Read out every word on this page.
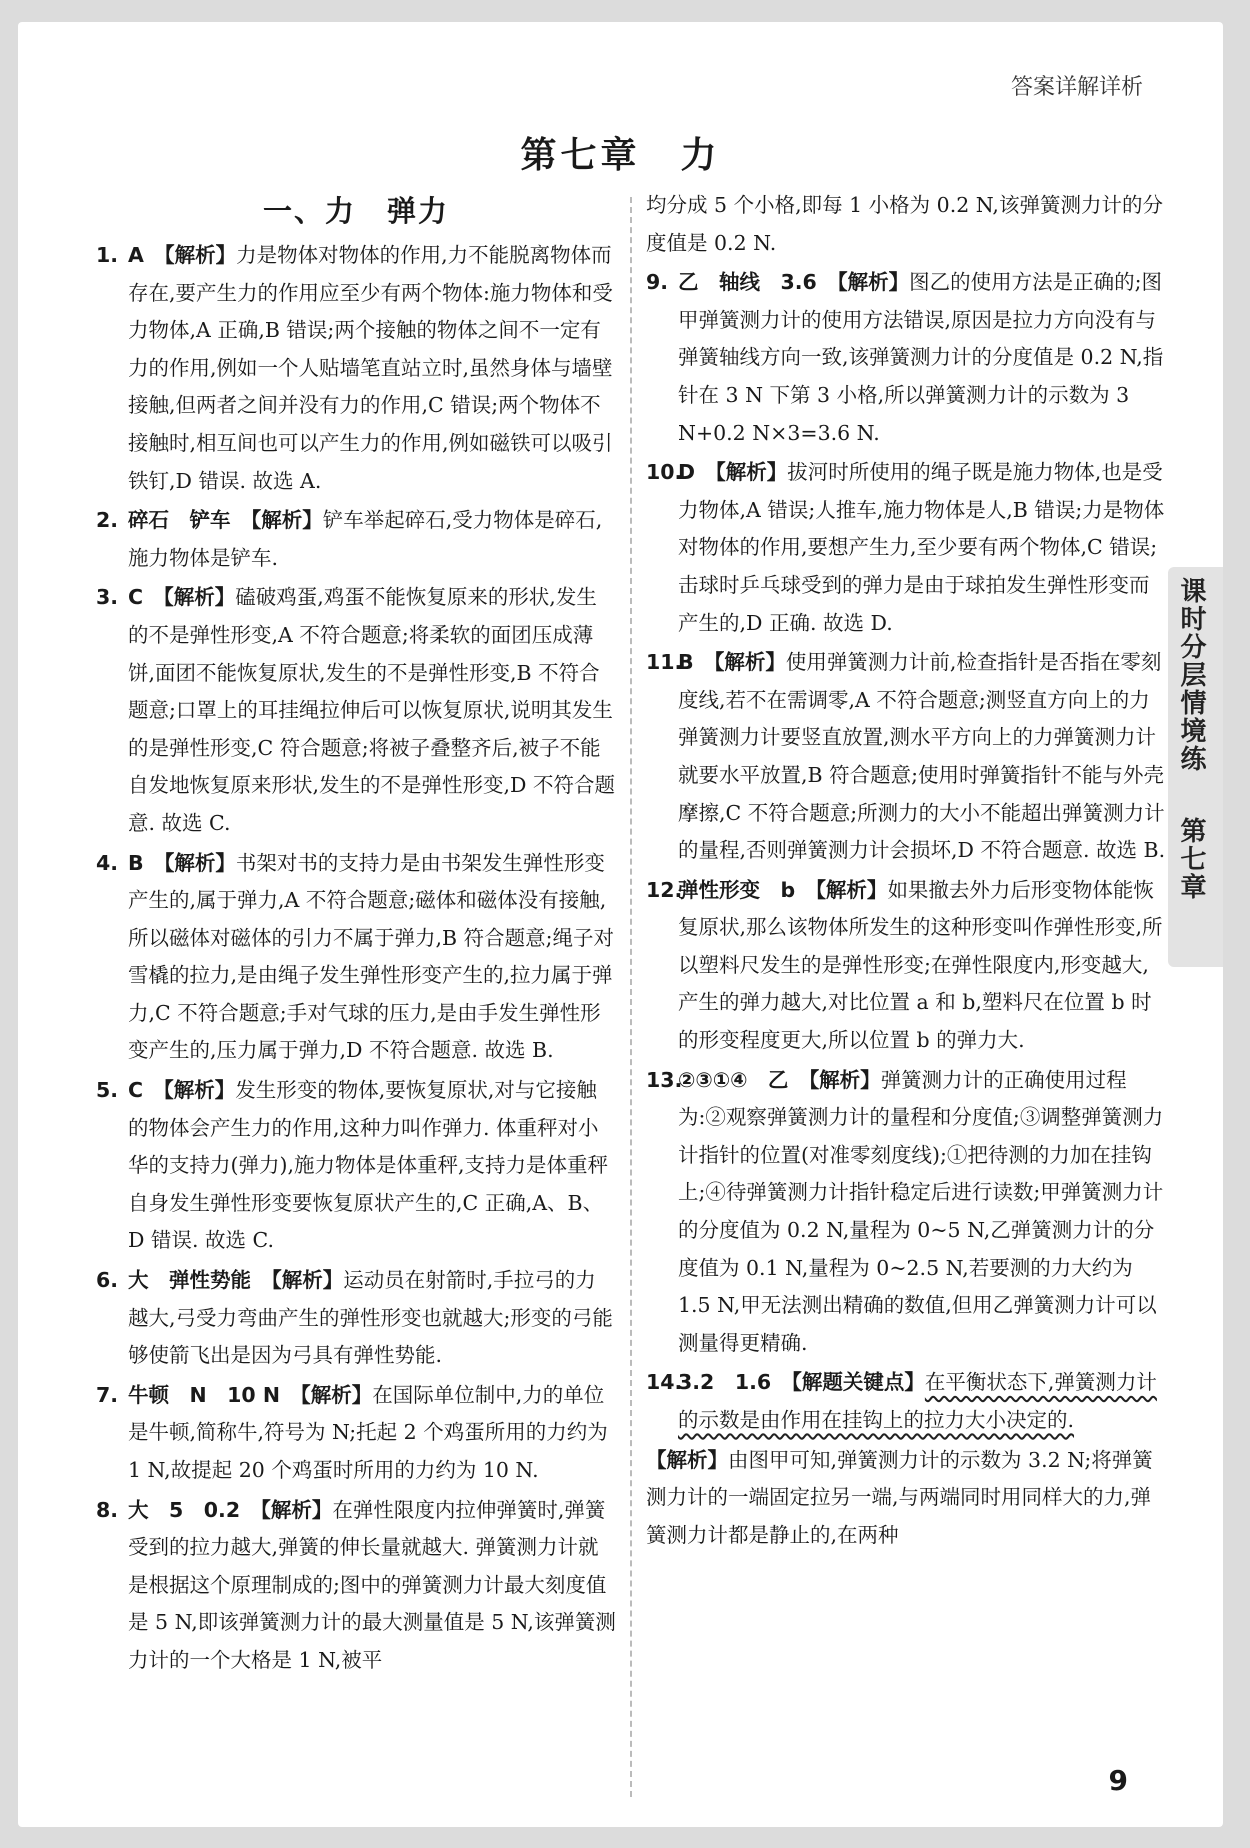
答案详解详析
第七章　力
一、力　弹力
1. A　 【解析】力是物体对物体的作用,力不能脱离物体而存在,要产生力的作用应至少有两个物体:施力物体和受力物体,A 正确,B 错误;两个接触的物体之间不一定有力的作用,例如一个人贴墙笔直站立时,虽然身体与墙壁接触,但两者之间并没有力的作用,C 错误;两个物体不接触时,相互间也可以产生力的作用,例如磁铁可以吸引铁钉,D 错误. 故选 A.
2. 碎石　铲车　 【解析】铲车举起碎石,受力物体是碎石,施力物体是铲车.
3. C　 【解析】磕破鸡蛋,鸡蛋不能恢复原来的形状,发生的不是弹性形变,A 不符合题意;将柔软的面团压成薄饼,面团不能恢复原状,发生的不是弹性形变,B 不符合题意;口罩上的耳挂绳拉伸后可以恢复原状,说明其发生的是弹性形变,C 符合题意;将被子叠整齐后,被子不能自发地恢复原来形状,发生的不是弹性形变,D 不符合题意. 故选 C.
4. B　 【解析】书架对书的支持力是由书架发生弹性形变产生的,属于弹力,A 不符合题意;磁体和磁体没有接触,所以磁体对磁体的引力不属于弹力,B 符合题意;绳子对雪橇的拉力,是由绳子发生弹性形变产生的,拉力属于弹力,C 不符合题意;手对气球的压力,是由手发生弹性形变产生的,压力属于弹力,D 不符合题意. 故选 B.
5. C　 【解析】发生形变的物体,要恢复原状,对与它接触的物体会产生力的作用,这种力叫作弹力. 体重秤对小华的支持力(弹力),施力物体是体重秤,支持力是体重秤自身发生弹性形变要恢复原状产生的,C 正确,A、B、D 错误. 故选 C.
6. 大　弹性势能　 【解析】运动员在射箭时,手拉弓的力越大,弓受力弯曲产生的弹性形变也就越大;形变的弓能够使箭飞出是因为弓具有弹性势能.
7. 牛顿　N　10 N　 【解析】在国际单位制中,力的单位是牛顿,简称牛,符号为 N;托起 2 个鸡蛋所用的力约为 1 N,故提起 20 个鸡蛋时所用的力约为 10 N.
8. 大　5　0.2　 【解析】在弹性限度内拉伸弹簧时,弹簧受到的拉力越大,弹簧的伸长量就越大. 弹簧测力计就是根据这个原理制成的;图中的弹簧测力计最大刻度值是 5 N,即该弹簧测力计的最大测量值是 5 N,该弹簧测力计的一个大格是 1 N,被平
均分成 5 个小格,即每 1 小格为 0.2 N,该弹簧测力计的分度值是 0.2 N.
9. 乙　轴线　3.6　 【解析】图乙的使用方法是正确的;图甲弹簧测力计的使用方法错误,原因是拉力方向没有与弹簧轴线方向一致,该弹簧测力计的分度值是 0.2 N,指针在 3 N 下第 3 小格,所以弹簧测力计的示数为 3 N+0.2 N×3=3.6 N.
10.
D　 【解析】拔河时所使用的绳子既是施力物体,也是受力物体,A 错误;人推车,施力物体是人,B 错误;力是物体对物体的作用,要想产生力,至少要有两个物体,C 错误;击球时乒乓球受到的弹力是由于球拍发生弹性形变而产生的,D 正确. 故选 D.
11.
B　 【解析】使用弹簧测力计前,检查指针是否指在零刻度线,若不在需调零,A 不符合题意;测竖直方向上的力弹簧测力计要竖直放置,测水平方向上的力弹簧测力计就要水平放置,B 符合题意;使用时弹簧指针不能与外壳摩擦,C 不符合题意;所测力的大小不能超出弹簧测力计的量程,否则弹簧测力计会损坏,D 不符合题意. 故选 B.
12.
弹性形变　b　 【解析】如果撤去外力后形变物体能恢复原状,那么该物体所发生的这种形变叫作弹性形变,所以塑料尺发生的是弹性形变;在弹性限度内,形变越大,产生的弹力越大,对比位置 a 和 b,塑料尺在位置 b 时的形变程度更大,所以位置 b 的弹力大.
13.
②③①④　乙　 【解析】弹簧测力计的正确使用过程为:②观察弹簧测力计的量程和分度值;③调整弹簧测力计指针的位置(对准零刻度线);①把待测的力加在挂钩上;④待弹簧测力计指针稳定后进行读数;甲弹簧测力计的分度值为 0.2 N,量程为 0~5 N,乙弹簧测力计的分度值为 0.1 N,量程为 0~2.5 N,若要测的力大约为 1.5 N,甲无法测出精确的数值,但用乙弹簧测力计可以测量得更精确.
14.
3.2　1.6　 【解题关键点】在平衡状态下,弹簧测力计的示数是由作用在挂钩上的拉力大小决定的.
【解析】由图甲可知,弹簧测力计的示数为 3.2 N;将弹簧测力计的一端固定拉另一端,与两端同时用同样大的力,弹簧测力计都是静止的,在两种
课时分层情境练
第七章
9
